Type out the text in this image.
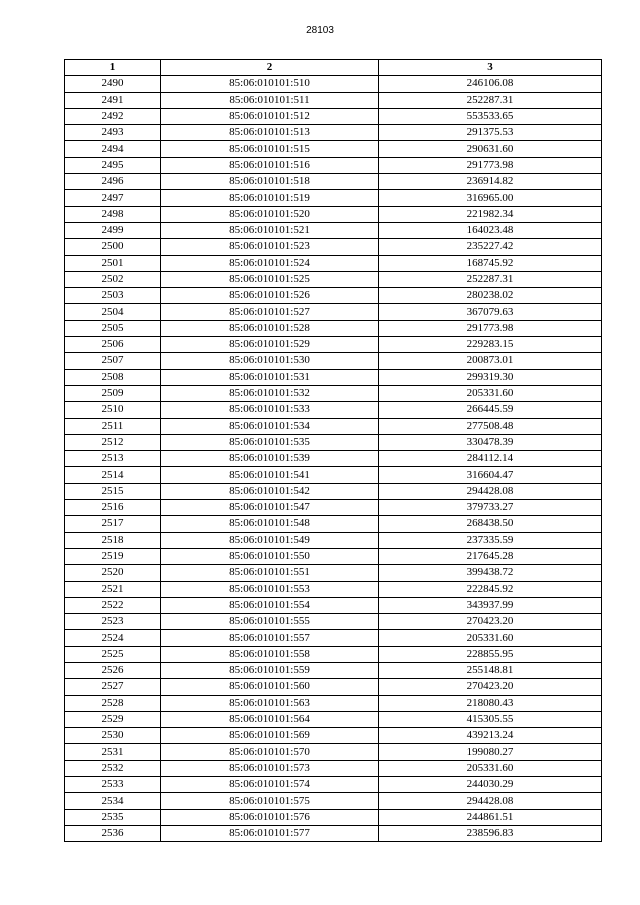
28103
1	2	3
2490	85:06:010101:510	246106.08
2491	85:06:010101:511	252287.31
2492	85:06:010101:512	553533.65
2493	85:06:010101:513	291375.53
2494	85:06:010101:515	290631.60
2495	85:06:010101:516	291773.98
2496	85:06:010101:518	236914.82
2497	85:06:010101:519	316965.00
2498	85:06:010101:520	221982.34
2499	85:06:010101:521	164023.48
2500	85:06:010101:523	235227.42
2501	85:06:010101:524	168745.92
2502	85:06:010101:525	252287.31
2503	85:06:010101:526	280238.02
2504	85:06:010101:527	367079.63
2505	85:06:010101:528	291773.98
2506	85:06:010101:529	229283.15
2507	85:06:010101:530	200873.01
2508	85:06:010101:531	299319.30
2509	85:06:010101:532	205331.60
2510	85:06:010101:533	266445.59
2511	85:06:010101:534	277508.48
2512	85:06:010101:535	330478.39
2513	85:06:010101:539	284112.14
2514	85:06:010101:541	316604.47
2515	85:06:010101:542	294428.08
2516	85:06:010101:547	379733.27
2517	85:06:010101:548	268438.50
2518	85:06:010101:549	237335.59
2519	85:06:010101:550	217645.28
2520	85:06:010101:551	399438.72
2521	85:06:010101:553	222845.92
2522	85:06:010101:554	343937.99
2523	85:06:010101:555	270423.20
2524	85:06:010101:557	205331.60
2525	85:06:010101:558	228855.95
2526	85:06:010101:559	255148.81
2527	85:06:010101:560	270423.20
2528	85:06:010101:563	218080.43
2529	85:06:010101:564	415305.55
2530	85:06:010101:569	439213.24
2531	85:06:010101:570	199080.27
2532	85:06:010101:573	205331.60
2533	85:06:010101:574	244030.29
2534	85:06:010101:575	294428.08
2535	85:06:010101:576	244861.51
2536	85:06:010101:577	238596.83
